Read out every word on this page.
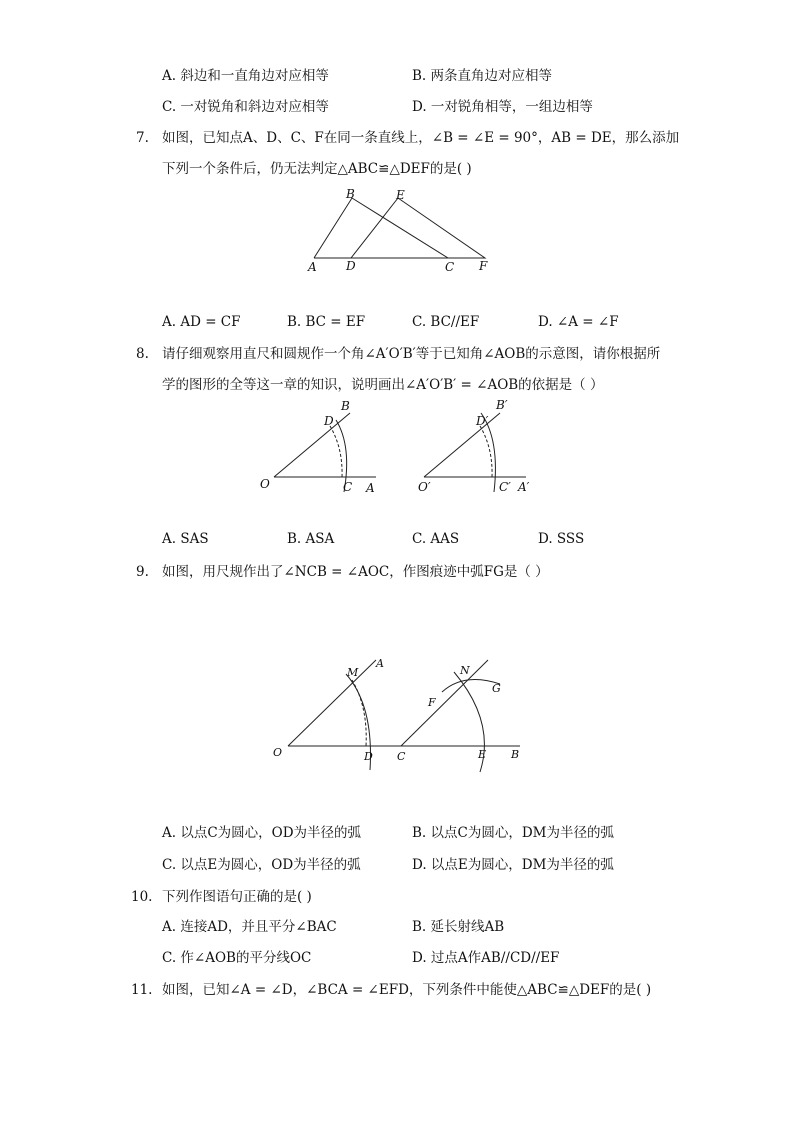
A. 斜边和一直角边对应相等	B. 两条直角边对应相等
C. 一对锐角和斜边对应相等	D. 一对锐角相等，一组边相等
7. 如图，已知点A、D、C、F在同一条直线上，∠B = ∠E = 90°，AB = DE，那么添加
下列一个条件后，仍无法判定△ABC≌△DEF的是( )
A
B
C
D
E
F
A. AD = CF	B. BC = EF	C. BC//EF	D. ∠A = ∠F
8. 请仔细观察用直尺和圆规作一个角∠A′O′B′等于已知角∠AOB的示意图，请你根据所
学的图形的全等这一章的知识，说明画出∠A′O′B′ = ∠AOB的依据是（ ）
O	C A
D
B
O′	C′ A′
D′
B′
A. SAS	B. ASA	C. AAS	D. SSS
9. 如图，用尺规作出了∠NCB = ∠AOC，作图痕迹中弧FG是（ ）
O	D
M
A
C	E B
N
F
G
A. 以点C为圆心，OD为半径的弧	B. 以点C为圆心，DM为半径的弧
C. 以点E为圆心，OD为半径的弧	D. 以点E为圆心，DM为半径的弧
10. 下列作图语句正确的是( )
A. 连接AD，并且平分∠BAC	B. 延长射线AB
C. 作∠AOB的平分线OC	D. 过点A作AB//CD//EF
11. 如图，已知∠A = ∠D，∠BCA = ∠EFD，下列条件中能使△ABC≌△DEF的是( )
